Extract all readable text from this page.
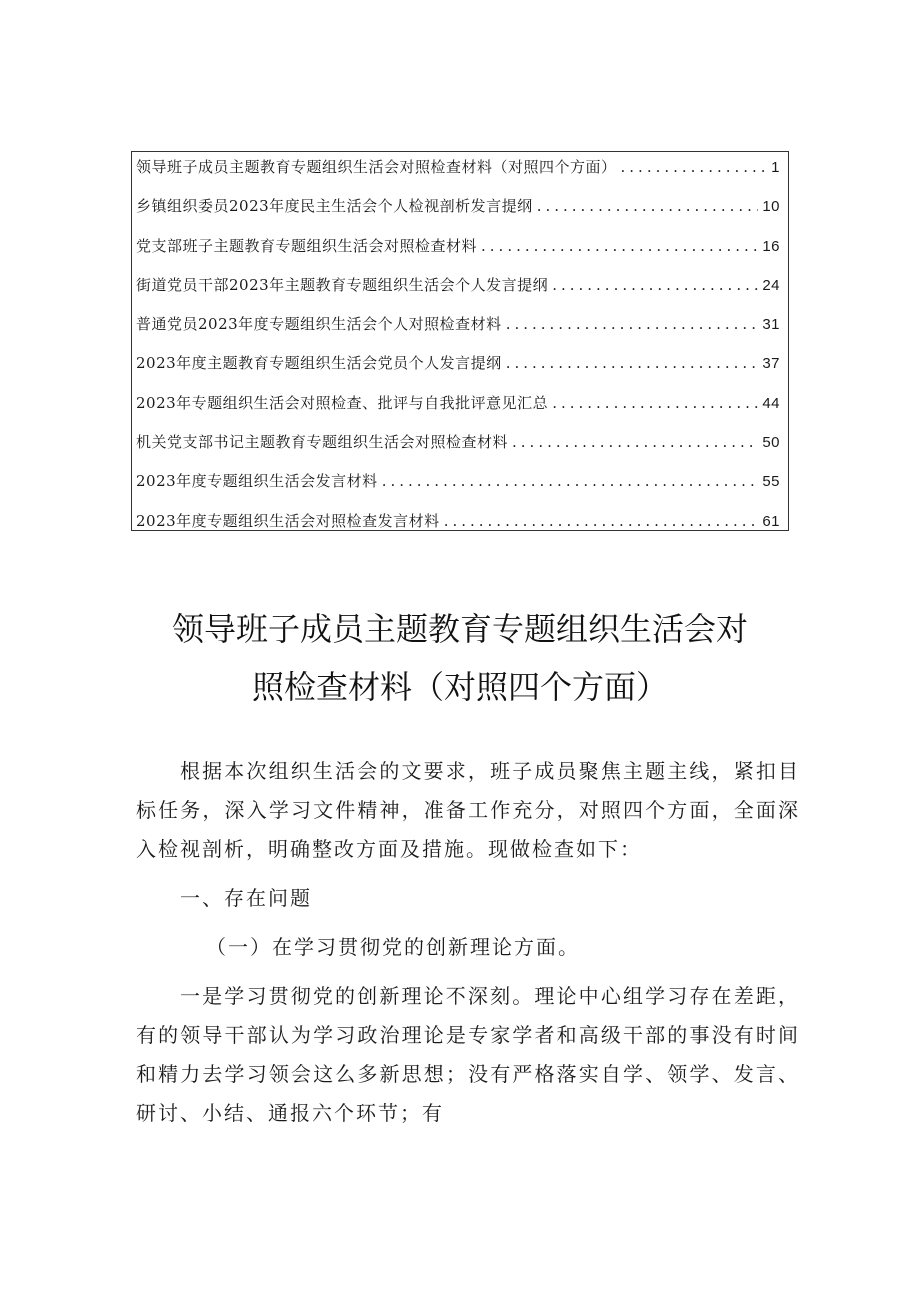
领导班子成员主题教育专题组织生活会对照检查材料（对照四个方面） .....	1
乡镇组织委员2023年度民主生活会个人检视剖析发言提纲 .....	10
党支部班子主题教育专题组织生活会对照检查材料 .....	16
街道党员干部2023年主题教育专题组织生活会个人发言提纲 .....	24
普通党员2023年度专题组织生活会个人对照检查材料 .....	31
2023年度主题教育专题组织生活会党员个人发言提纲 .....	37
2023年专题组织生活会对照检查、批评与自我批评意见汇总 .....	44
机关党支部书记主题教育专题组织生活会对照检查材料 .....	50
2023年度专题组织生活会发言材料 .....	55
2023年度专题组织生活会对照检查发言材料 .....	61
领导班子成员主题教育专题组织生活会对
照检查材料（对照四个方面）

根据本次组织生活会的文要求，班子成员聚焦主题主线，紧扣目标任务，深入学习文件精神，准备工作充分，对照四个方面，全面深入检视剖析，明确整改方面及措施。现做检查如下：

一、存在问题

（一）在学习贯彻党的创新理论方面。

一是学习贯彻党的创新理论不深刻。理论中心组学习存在差距，有的领导干部认为学习政治理论是专家学者和高级干部的事没有时间和精力去学习领会这么多新思想；没有严格落实自学、领学、发言、研讨、小结、通报六个环节；有
